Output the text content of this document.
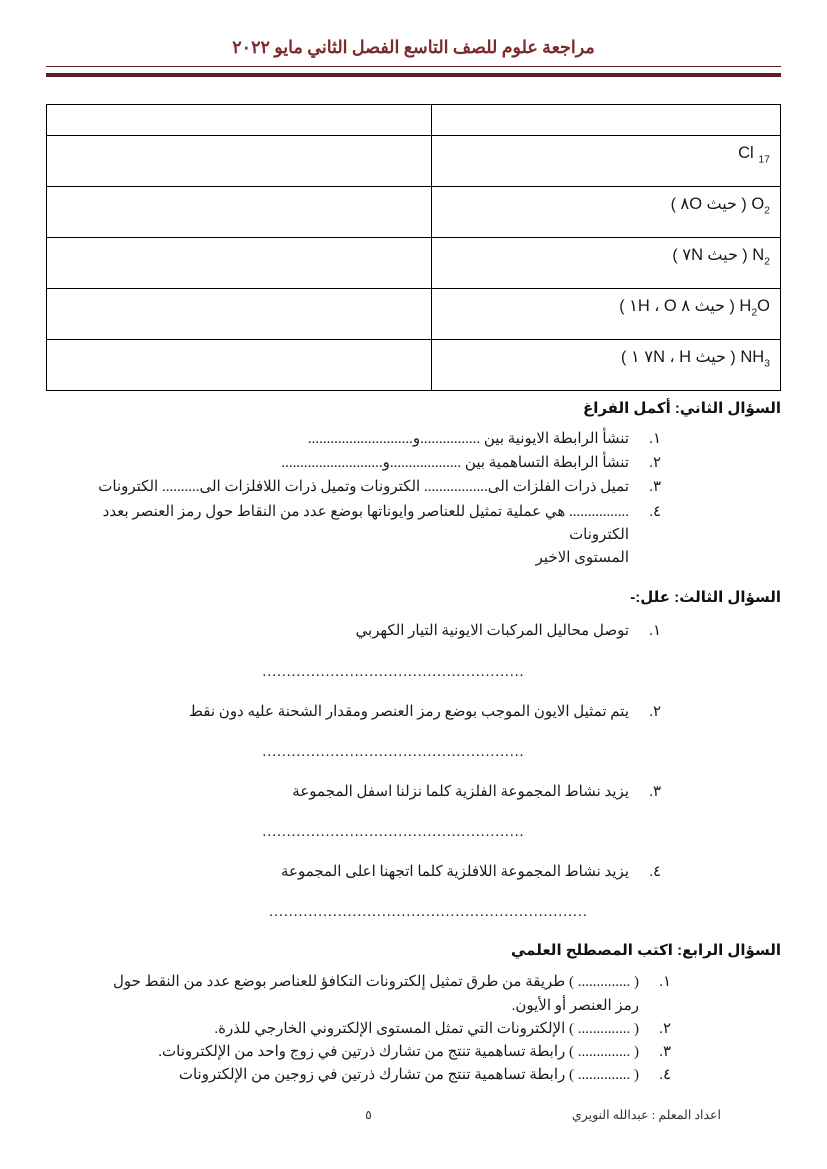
مراجعة علوم للصف التاسع الفصل الثاني مايو ٢٠٢٢

$_{17}$ Cl	
$O_2$ ( حيث ٨O )	
$N_2$ ( حيث ٧N )	
$H_2O$ ( حيث ٨ O ، ١H )	
$NH_3$ ( حيث ٧N ، H ١ )	
السؤال الثاني: أكمل الفراغ
١.
تنشأ الرابطة الايونية بين ................و............................
٢.
تنشأ الرابطة التساهمية بين ...................و...........................
٣.
تميل ذرات الفلزات الى................. الكترونات وتميل ذرات اللافلزات الى.......... الكترونات
٤.
................ هي عملية تمثيل للعناصر وايوناتها بوضع عدد من النقاط حول رمز العنصر بعدد الكترونات
المستوى الاخير
السؤال الثالث: علل:-
١.
توصل محاليل المركبات الايونية التيار الكهربي
......................................................
٢.
يتم تمثيل الايون الموجب بوضع رمز العنصر ومقدار الشحنة عليه دون نقط
......................................................
٣.
يزيد نشاط المجموعة الفلزية كلما نزلنا اسفل المجموعة
......................................................
٤.
يزيد نشاط المجموعة اللافلزية كلما اتجهنا اعلى المجموعة
.................................................................
السؤال الرابع: اكتب المصطلح العلمي
١.
( .............. ) طريقة من طرق تمثيل إلكترونات التكافؤ للعناصر بوضع عدد من النقط حول
رمز العنصر أو الأيون.
٢.
( .............. ) الإلكترونات التي تمثل المستوى الإلكتروني الخارجي للذرة.
٣.
( .............. ) رابطة تساهمية تنتج من تشارك ذرتين في زوج واحد من الإلكترونات.
٤.
( .............. ) رابطة تساهمية تنتج من تشارك ذرتين في زوجين من الإلكترونات
اعداد المعلم : عبدالله النويري
٥
